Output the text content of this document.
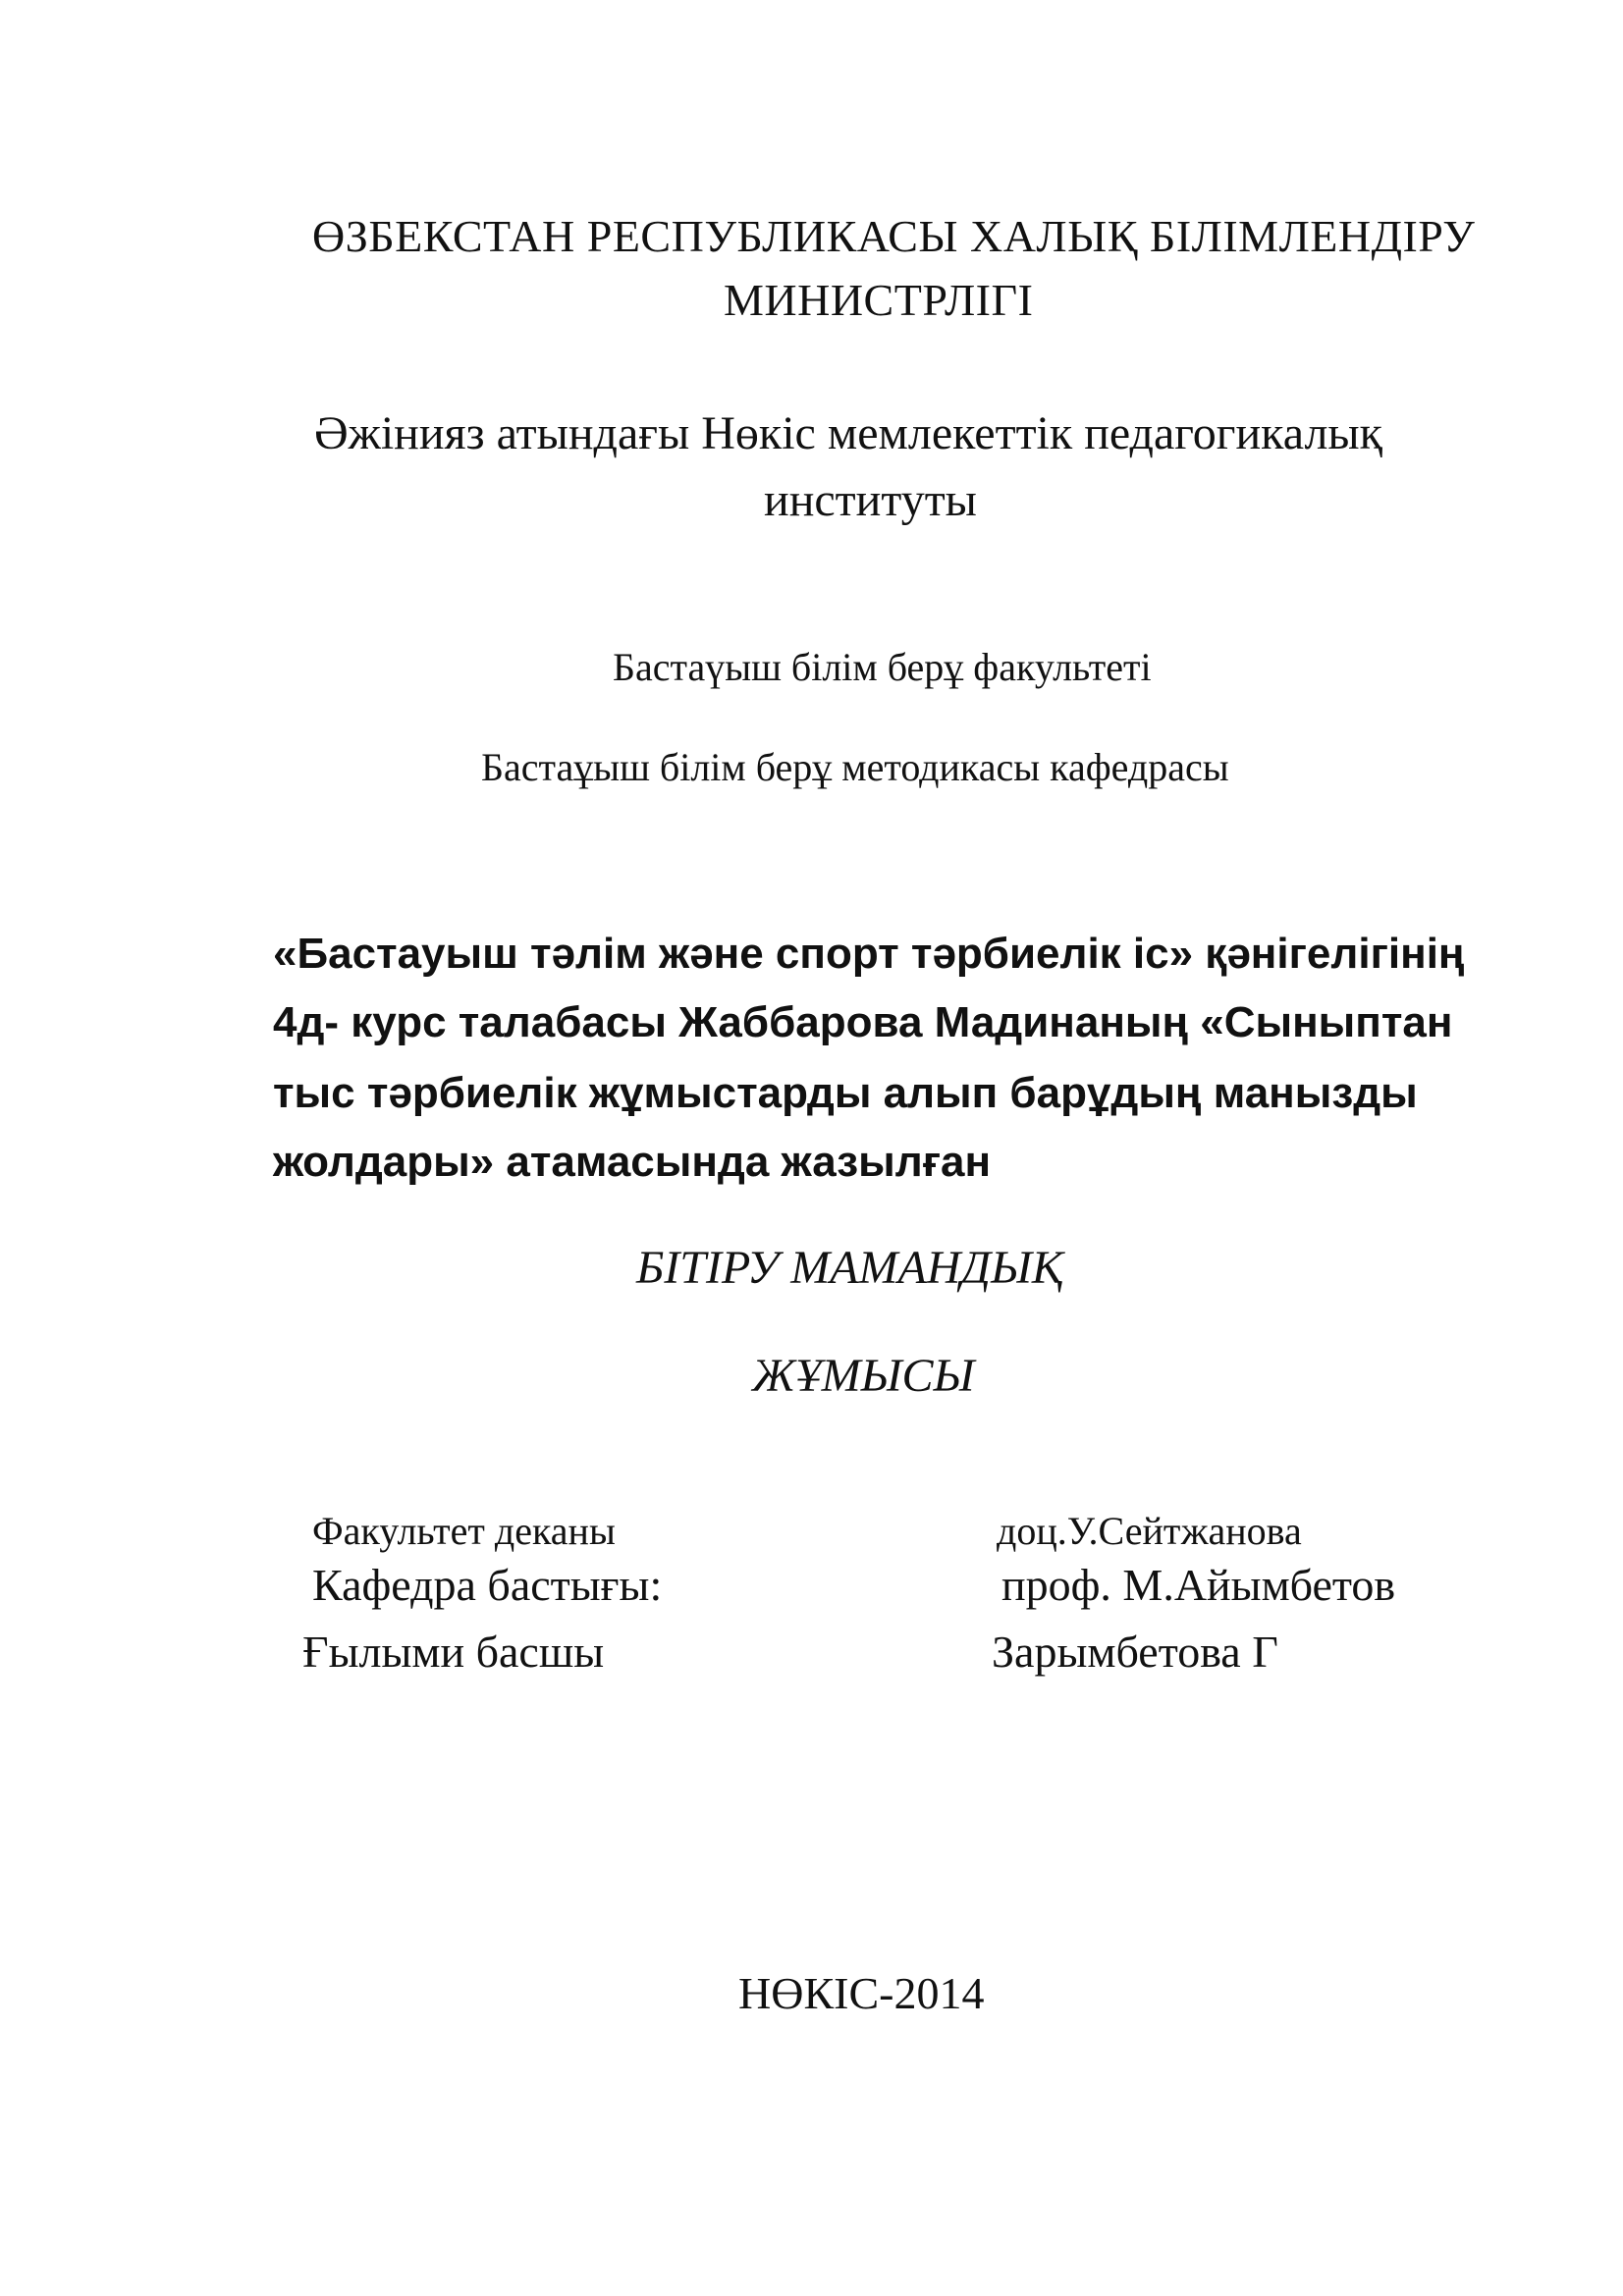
ӨЗБЕКСТАН РЕСПУБЛИКАСЫ ХАЛЫҚ БІЛІМЛЕНДІРУ
МИНИСТРЛІГІ
Әжінияз атындағы Нөкіс мемлекеттік педагогикалық
институты
Бастаүыш білім берұ факультеті
Бастаұыш білім берұ методикасы кафедрасы
«Бастауыш тәлім және спорт тәрбиелік іс» қәнігелігінің
4д- курс талабасы Жаббарова Мадинаның «Сыныптан
тыс тәрбиелік жұмыстарды алып барұдың манызды
жолдары» атамасында жазылған
БІТІРУ МАМАНДЫҚ
ЖҰМЫСЫ
Факультет деканы	доц.У.Сейтжанова
Кафедра бастығы:	проф. М.Айымбетов
Ғылыми басшы	Зарымбетова Г
НӨКІС-2014
